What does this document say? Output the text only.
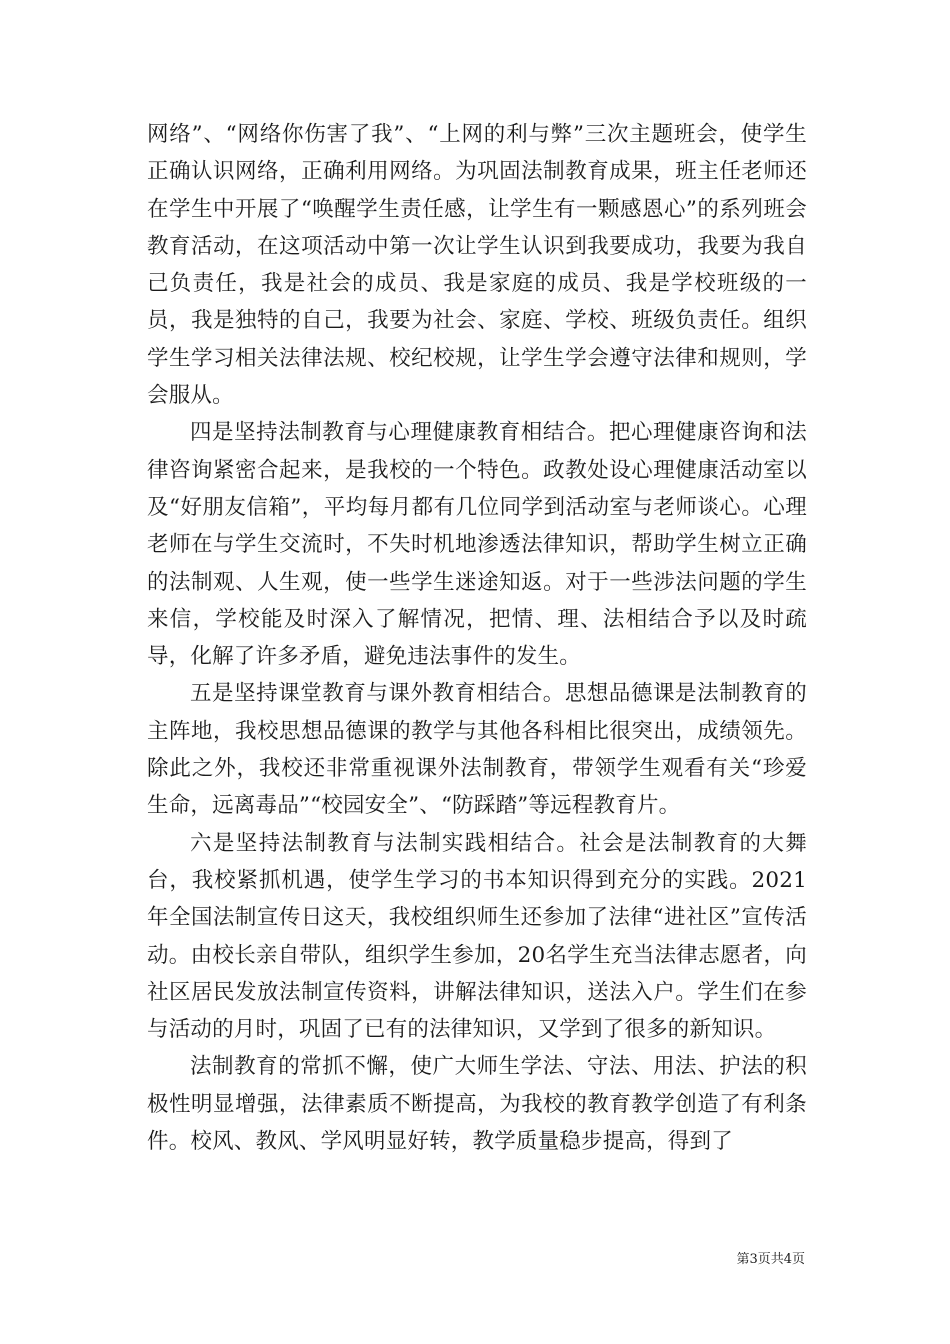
网络”、“网络你伤害了我”、“上网的利与弊”三次主题班会，使学生正确认识网络，正确利用网络。为巩固法制教育成果，班主任老师还在学生中开展了“唤醒学生责任感，让学生有一颗感恩心”的系列班会教育活动，在这项活动中第一次让学生认识到我要成功，我要为我自己负责任，我是社会的成员、我是家庭的成员、我是学校班级的一员，我是独特的自己，我要为社会、家庭、学校、班级负责任。组织学生学习相关法律法规、校纪校规，让学生学会遵守法律和规则，学会服从。

四是坚持法制教育与心理健康教育相结合。把心理健康咨询和法律咨询紧密合起来，是我校的一个特色。政教处设心理健康活动室以及“好朋友信箱”，平均每月都有几位同学到活动室与老师谈心。心理老师在与学生交流时，不失时机地渗透法律知识，帮助学生树立正确的法制观、人生观，使一些学生迷途知返。对于一些涉法问题的学生来信，学校能及时深入了解情况，把情、理、法相结合予以及时疏导，化解了许多矛盾，避免违法事件的发生。

五是坚持课堂教育与课外教育相结合。思想品德课是法制教育的主阵地，我校思想品德课的教学与其他各科相比很突出，成绩领先。除此之外，我校还非常重视课外法制教育，带领学生观看有关“珍爱生命，远离毒品”“校园安全”、“防踩踏”等远程教育片。

六是坚持法制教育与法制实践相结合。社会是法制教育的大舞台，我校紧抓机遇，使学生学习的书本知识得到充分的实践。2021年全国法制宣传日这天，我校组织师生还参加了法律“进社区”宣传活动。由校长亲自带队，组织学生参加，20名学生充当法律志愿者，向社区居民发放法制宣传资料，讲解法律知识，送法入户。学生们在参与活动的月时，巩固了已有的法律知识，又学到了很多的新知识。

法制教育的常抓不懈，使广大师生学法、守法、用法、护法的积极性明显增强，法律素质不断提高，为我校的教育教学创造了有利条件。校风、教风、学风明显好转，教学质量稳步提高，得到了

第3页共4页
